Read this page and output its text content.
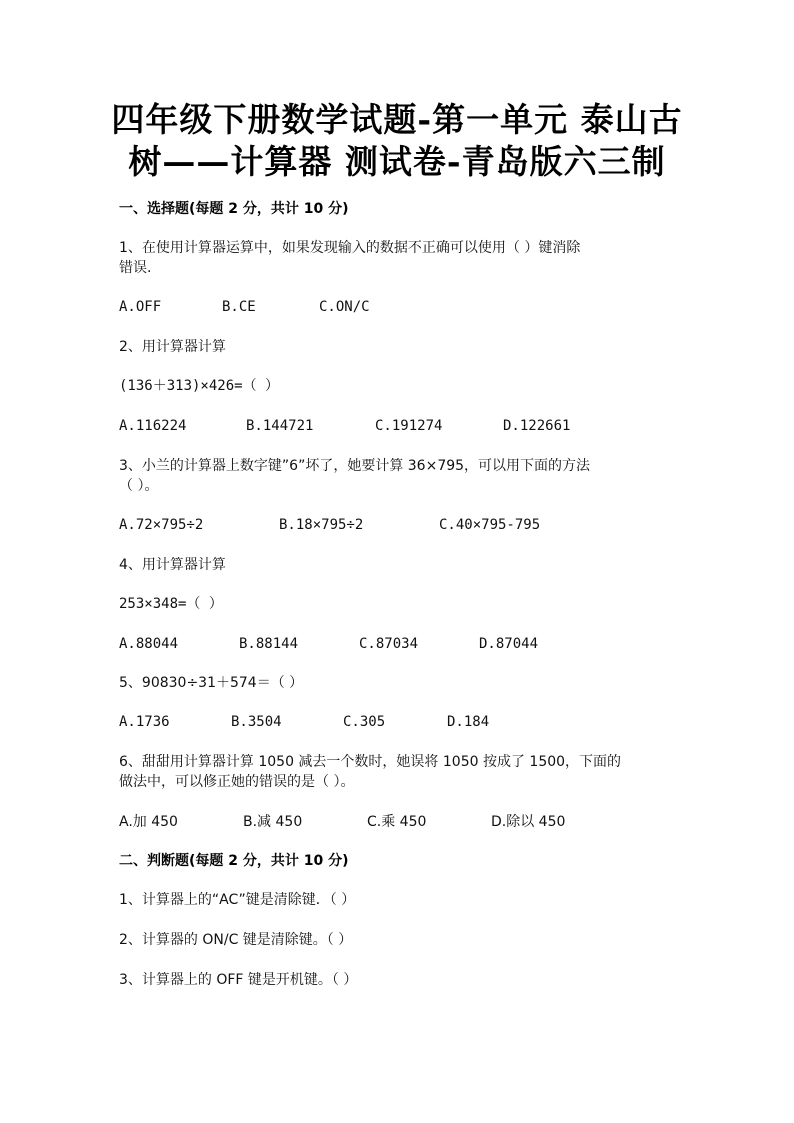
四年级下册数学试题-第一单元 泰山古
树——计算器 测试卷-青岛版六三制
一、选择题(每题 2 分，共计 10 分)
1、在使用计算器运算中，如果发现输入的数据不正确可以使用（ ）键消除
错误.
A.OFF	B.CE	C.ON/C
2、用计算器计算
(136＋313)×426=（ ）
A.116224	B.144721	C.191274	D.122661
3、小兰的计算器上数字键”6”坏了，她要计算 36×795，可以用下面的方法
（ ）。
A.72×795÷2	B.18×795÷2	C.40×795-795
4、用计算器计算
253×348=（ ）
A.88044	B.88144	C.87034	D.87044
5、90830÷31＋574＝（ ）
A.1736	B.3504	C.305	D.184
6、甜甜用计算器计算 1050 减去一个数时，她误将 1050 按成了 1500，下面的
做法中，可以修正她的错误的是（ ）。
A.加 450	B.减 450	C.乘 450	D.除以 450
二、判断题(每题 2 分，共计 10 分)
1、计算器上的“AC”键是清除键．（ ）
2、计算器的 ON/C 键是清除键。（ ）
3、计算器上的 OFF 键是开机键。（ ）
